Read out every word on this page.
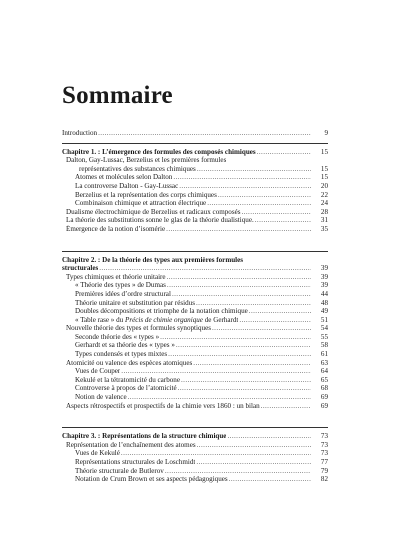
Sommaire
Introduction .....	9
Chapitre 1. : L’émergence des formules des composés chimiques .....	15
Dalton, Gay-Lussac, Berzelius et les premières formules
représentatives des substances chimiques .....	15
Atomes et molécules selon Dalton .....	15
La controverse Dalton - Gay-Lussac .....	20
Berzelius et la représentation des corps chimiques .....	22
Combinaison chimique et attraction électrique .....	24
Dualisme électrochimique de Berzelius et radicaux composés .....	28
La théorie des substitutions sonne le glas de la théorie dualistique. .....	31
Émergence de la notion d’isomérie .....	35
Chapitre 2. : De la théorie des types aux premières formules
structurales .....	39
Types chimiques et théorie unitaire .....	39
« Théorie des types » de Dumas .....	39
Premières idées d’ordre structural .....	44
Théorie unitaire et substitution par résidus .....	48
Doubles décompositions et triomphe de la notation chimique .....	49
« Table rase » du Précis de chimie organique de Gerhardt .....	51
Nouvelle théorie des types et formules synoptiques .....	54
Seconde théorie des « types » .....	55
Gerhardt et sa théorie des « types » .....	58
Types condensés et types mixtes .....	61
Atomicité ou valence des espèces atomiques .....	63
Vues de Couper .....	64
Kekulé et la tétratomicité du carbone .....	65
Controverse à propos de l’atomicité .....	68
Notion de valence .....	69
Aspects rétrospectifs et prospectifs de la chimie vers 1860 : un bilan .....	69
Chapitre 3. : Représentations de la structure chimique .....	73
Représentation de l’enchaînement des atomes .....	73
Vues de Kekulé .....	73
Représentations structurales de Loschmidt .....	77
Théorie structurale de Butlerov .....	79
Notation de Crum Brown et ses aspects pédagogiques .....	82
